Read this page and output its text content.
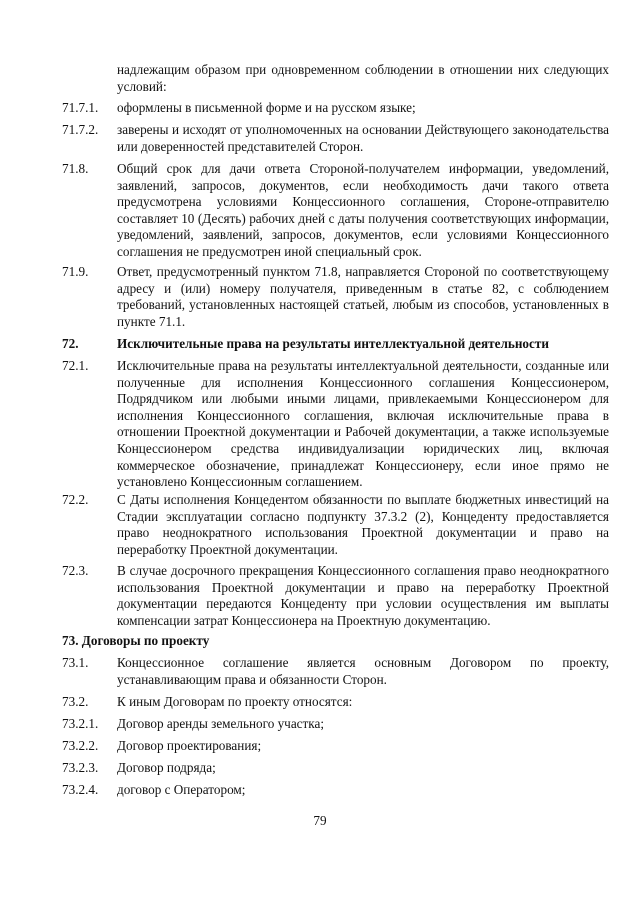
надлежащим образом при одновременном соблюдении в отношении них следующих условий:
71.7.1. оформлены в письменной форме и на русском языке;
71.7.2. заверены и исходят от уполномоченных на основании Действующего законодательства или доверенностей представителей Сторон.
71.8. Общий срок для дачи ответа Стороной-получателем информации, уведомлений, заявлений, запросов, документов, если необходимость дачи такого ответа предусмотрена условиями Концессионного соглашения, Стороне-отправителю составляет 10 (Десять) рабочих дней с даты получения соответствующих информации, уведомлений, заявлений, запросов, документов, если условиями Концессионного соглашения не предусмотрен иной специальный срок.
71.9. Ответ, предусмотренный пунктом 71.8, направляется Стороной по соответствующему адресу и (или) номеру получателя, приведенным в статье 82, с соблюдением требований, установленных настоящей статьей, любым из способов, установленных в пункте 71.1.
72.	Исключительные права на результаты интеллектуальной деятельности
72.1. Исключительные права на результаты интеллектуальной деятельности, созданные или полученные для исполнения Концессионного соглашения Концессионером, Подрядчиком или любыми иными лицами, привлекаемыми Концессионером для исполнения Концессионного соглашения, включая исключительные права в отношении Проектной документации и Рабочей документации, а также используемые Концессионером средства индивидуализации юридических лиц, включая коммерческое обозначение, принадлежат Концессионеру, если иное прямо не установлено Концессионным соглашением.
72.2. С Даты исполнения Концедентом обязанности по выплате бюджетных инвестиций на Стадии эксплуатации согласно подпункту 37.3.2 (2), Концеденту предоставляется право неоднократного использования Проектной документации и право на переработку Проектной документации.
72.3. В случае досрочного прекращения Концессионного соглашения право неоднократного использования Проектной документации и право на переработку Проектной документации передаются Концеденту при условии осуществления им выплаты компенсации затрат Концессионера на Проектную документацию.
73. Договоры по проекту
73.1. Концессионное соглашение является основным Договором по проекту, устанавливающим права и обязанности Сторон.
73.2. К иным Договорам по проекту относятся:
73.2.1. Договор аренды земельного участка;
73.2.2. Договор проектирования;
73.2.3. Договор подряда;
73.2.4. договор с Оператором;
79
